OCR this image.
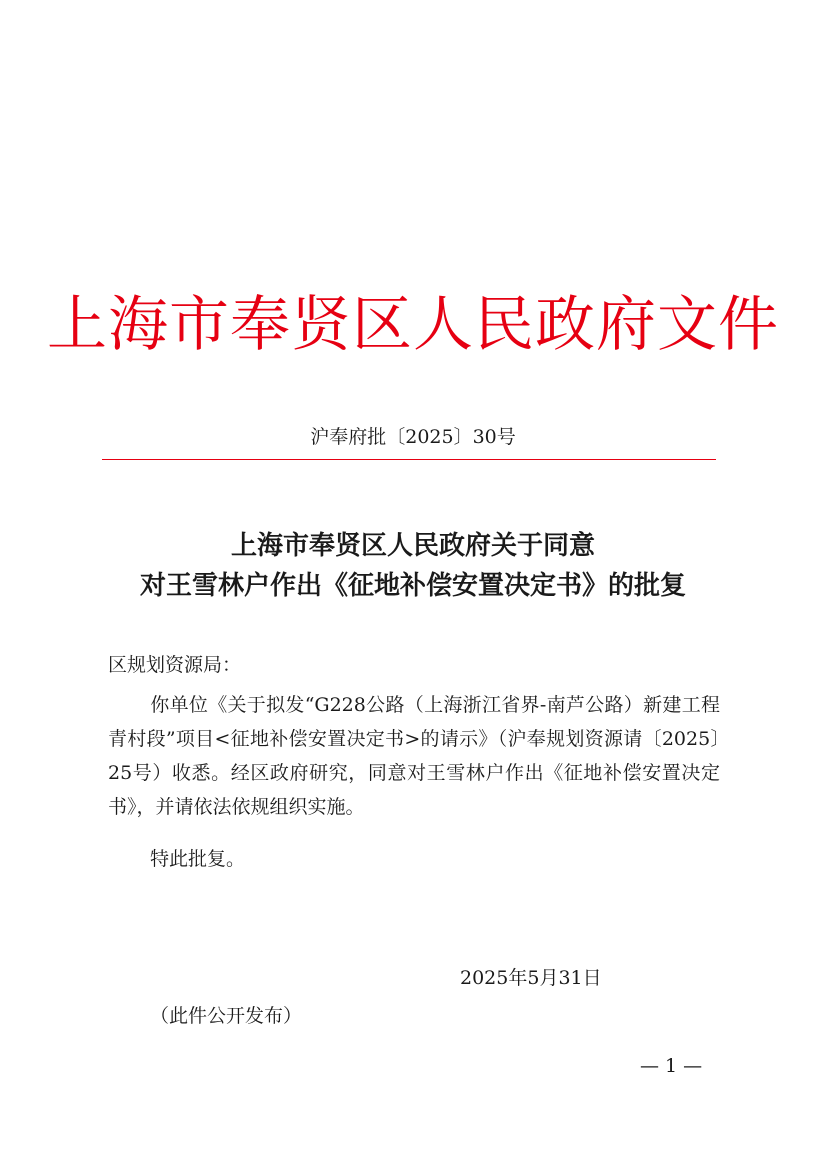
上海市奉贤区人民政府文件
沪奉府批〔2025〕30号
上海市奉贤区人民政府关于同意
对王雪林户作出《征地补偿安置决定书》的批复
区规划资源局：
你单位《关于拟发“G228公路（上海浙江省界-南芦公路）新建工程青村段”项目<征地补偿安置决定书>的请示》（沪奉规划资源请〔2025〕25号）收悉。经区政府研究，同意对王雪林户作出《征地补偿安置决定书》，并请依法依规组织实施。
特此批复。
2025年5月31日
（此件公开发布）
— 1 —
